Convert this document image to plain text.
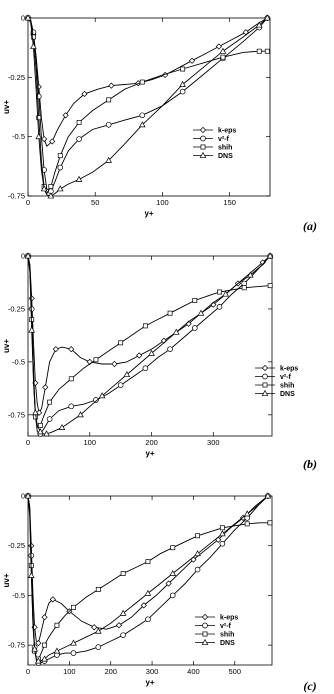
0	50	100	150
0
-0.25
-0.5
-0.75
y+
uv+
k-eps
v²-f
shih
DNS
(a)
0	100	200	300
0
-0.25
-0.5
-0.75
y+
uv+
k-eps
v²-f
shih
DNS
(b)
0	100	200	300	400	500
0
-0.25
-0.5
-0.75
y+
uv+
k-eps
v²-f
shih
DNS
(c)
